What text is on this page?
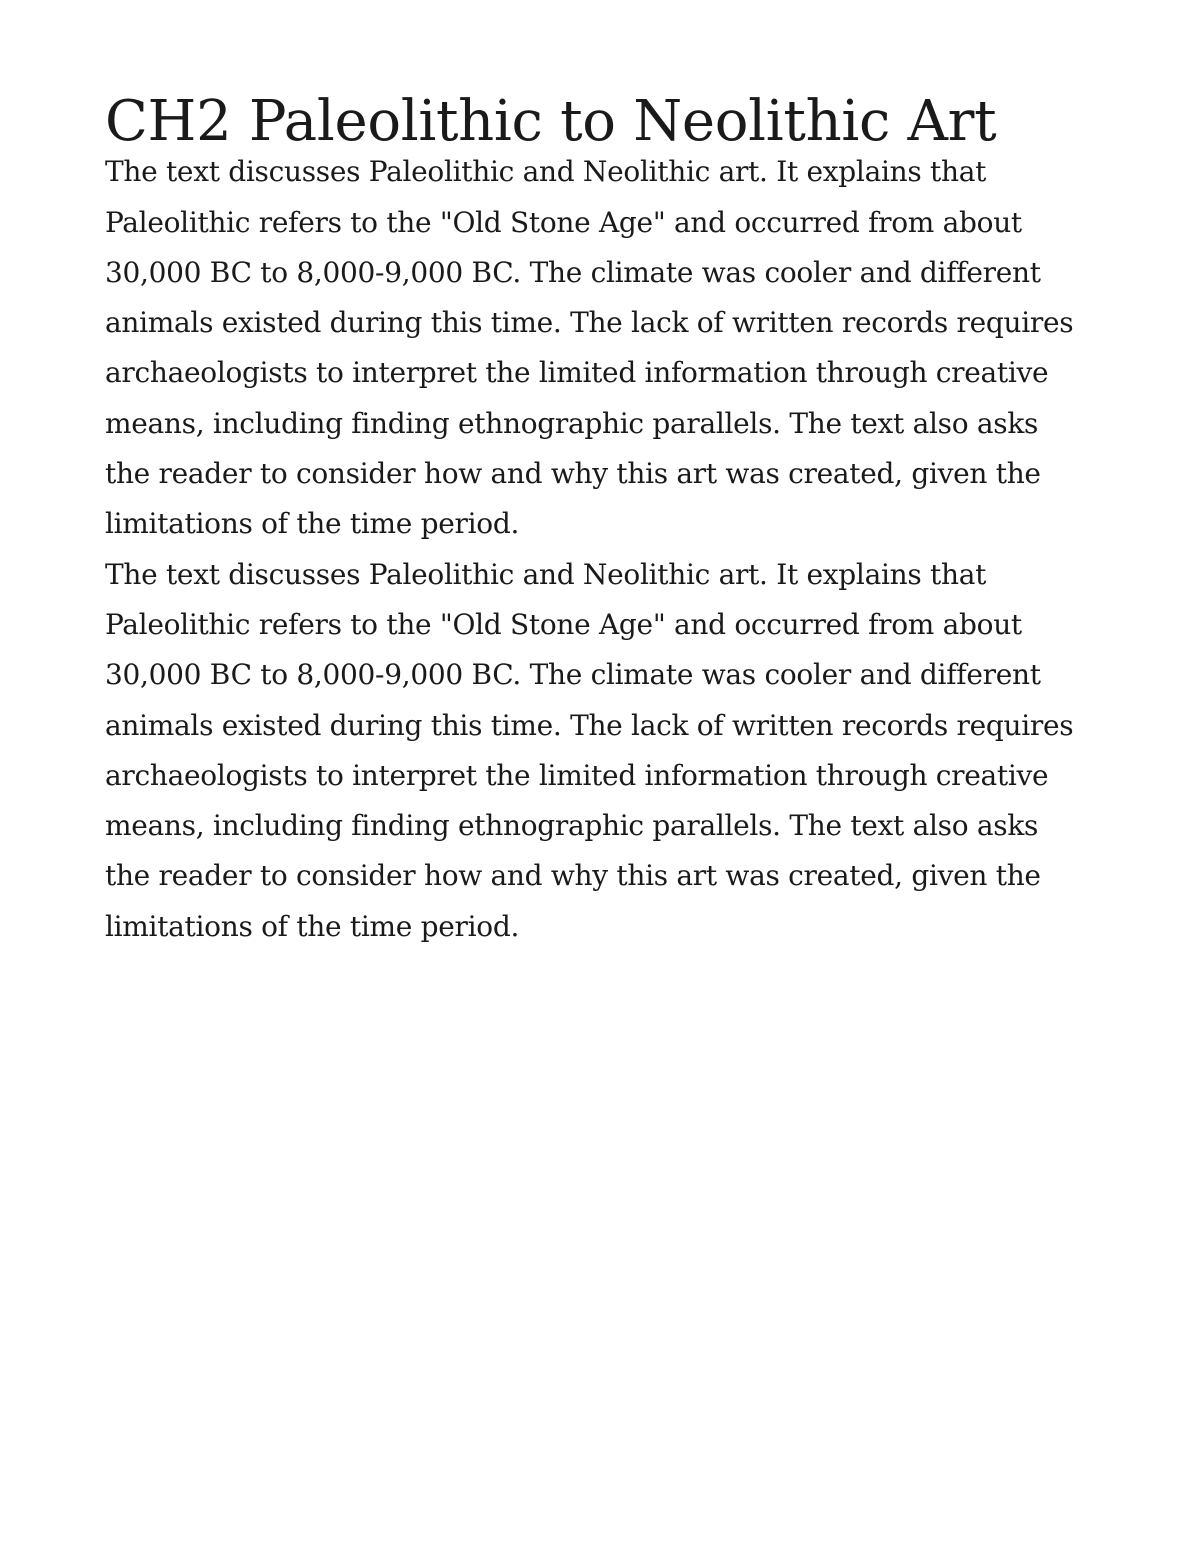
CH2 Paleolithic to Neolithic Art

The text discusses Paleolithic and Neolithic art. It explains that Paleolithic refers to the "Old Stone Age" and occurred from about 30,000 BC to 8,000-9,000 BC. The climate was cooler and different animals existed during this time. The lack of written records requires archaeologists to interpret the limited information through creative means, including finding ethnographic parallels. The text also asks the reader to consider how and why this art was created, given the limitations of the time period.

The text discusses Paleolithic and Neolithic art. It explains that Paleolithic refers to the "Old Stone Age" and occurred from about 30,000 BC to 8,000-9,000 BC. The climate was cooler and different animals existed during this time. The lack of written records requires archaeologists to interpret the limited information through creative means, including finding ethnographic parallels. The text also asks the reader to consider how and why this art was created, given the limitations of the time period.
